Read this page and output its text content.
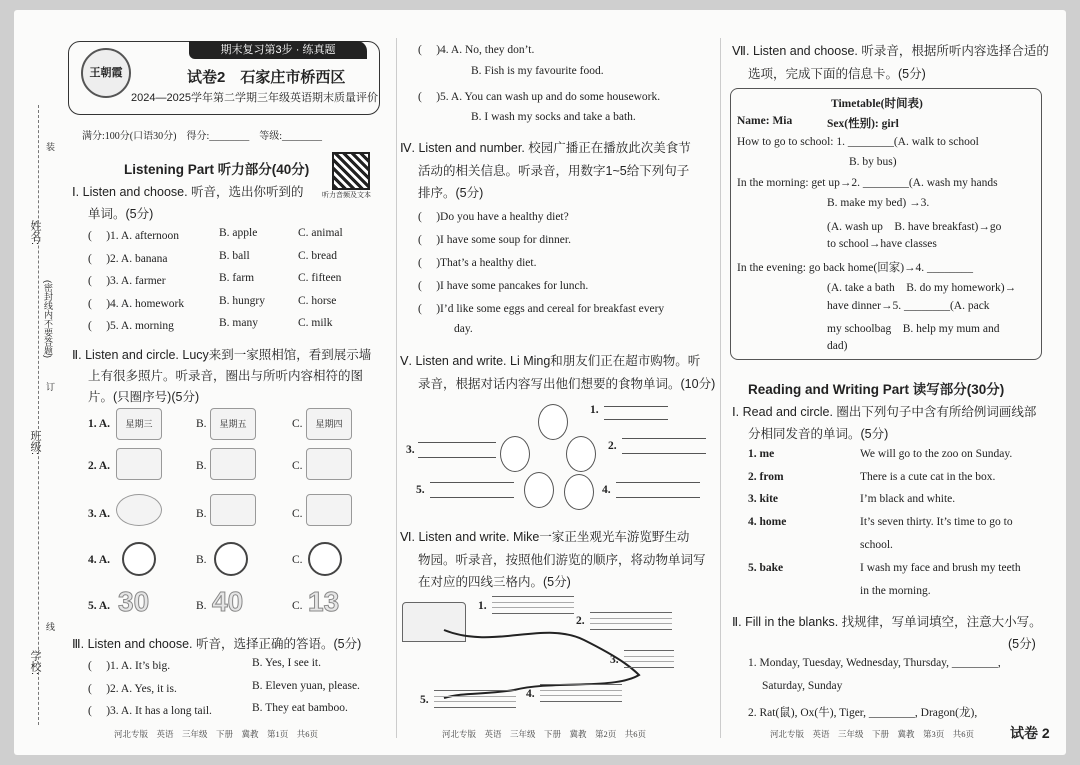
姓名:
班级:
学校:
(密封线内不要答题)
装
订
线
王朝霞
期末复习第3步 · 练真题
试卷2　石家庄市桥西区
2024—2025学年第二学期三年级英语期末质量评价
满分:100分(口语30分)　得分:________　等级:________
听力音频及文本
Listening Part 听力部分(40分)
Ⅰ. Listen and choose. 听音，选出你听到的
单词。(5分)
Ⅱ. Listen and circle. Lucy来到一家照相馆，看到展示墙
上有很多照片。听录音，圈出与所听内容相符的图
片。(只圈序号)(5分)
1. A.	星期三	B.	星期五	C.	星期四
2. A.	B.	C.
3. A.	B.	C.
4. A.	B.	C.
5. A. 30	B. 40	C. 13
Ⅲ. Listen and choose. 听音，选择正确的答语。(5分)
河北专版　英语　三年级　下册　冀教　第1页　共6页
( 　)4. A. No, they don’t.
B. Fish is my favourite food.
( 　)5. A. You can wash up and do some housework.
B. I wash my socks and take a bath.
Ⅳ. Listen and number. 校园广播正在播放此次美食节
活动的相关信息。听录音，用数字1~5给下列句子
排序。(5分)
day.
Ⅴ. Listen and write. Li Ming和朋友们正在超市购物。听
录音，根据对话内容写出他们想要的食物单词。(10分)
1.
2.
3.
5.	4.
Ⅵ. Listen and write. Mike一家正坐观光车游览野生动
物园。听录音，按照他们游览的顺序，将动物单词写
在对应的四线三格内。(5分)
1.
2.
3.
4.
5.
河北专版　英语　三年级　下册　冀教　第2页　共6页
Ⅶ. Listen and choose. 听录音，根据所听内容选择合适的
选项，完成下面的信息卡。(5分)
Timetable(时间表)
Name: Mia	Sex(性别): girl
How to go to school: 1. ________(A. walk to school
B. by bus)
In the morning: get up→2. ________(A. wash my hands
B. make my bed) →3.
(A. wash up　B. have breakfast)→go
to school→have classes
In the evening: go back home(回家)→4. ________
(A. take a bath　B. do my homework)→
have dinner→5. ________(A. pack
my schoolbag　B. help my mum and
dad)
Reading and Writing Part 读写部分(30分)
Ⅰ. Read and circle. 圈出下列句子中含有所给例词画线部
分相同发音的单词。(5分)
school.
in the morning.
Ⅱ. Fill in the blanks. 找规律，写单词填空，注意大小写。
(5分)
1. Monday, Tuesday, Wednesday, Thursday, ________,
Saturday, Sunday
2. Rat(鼠), Ox(牛), Tiger, ________, Dragon(龙),
河北专版　英语　三年级　下册　冀教　第3页　共6页	试卷 2
( 　)1. A. afternoon	B. apple	C. animal
( 　)2. A. banana	B. ball	C. bread
( 　)3. A. farmer	B. farm	C. fifteen
( 　)4. A. homework	B. hungry	C. horse
( 　)5. A. morning	B. many	C. milk
( 　)1. A. It’s big.	B. Yes, I see it.
( 　)2. A. Yes, it is.	B. Eleven yuan, please.
( 　)3. A. It has a long tail.	B. They eat bamboo.
( 　)Do you have a healthy diet?
( 　)I have some soup for dinner.
( 　)That’s a healthy diet.
( 　)I have some pancakes for lunch.
( 　)I’d like some eggs and cereal for breakfast every
1. me	We will go to the zoo on Sunday.
2. from	There is a cute cat in the box.
3. kite	I’m black and white.
4. home	It’s seven thirty. It’s time to go to
5. bake	I wash my face and brush my teeth
